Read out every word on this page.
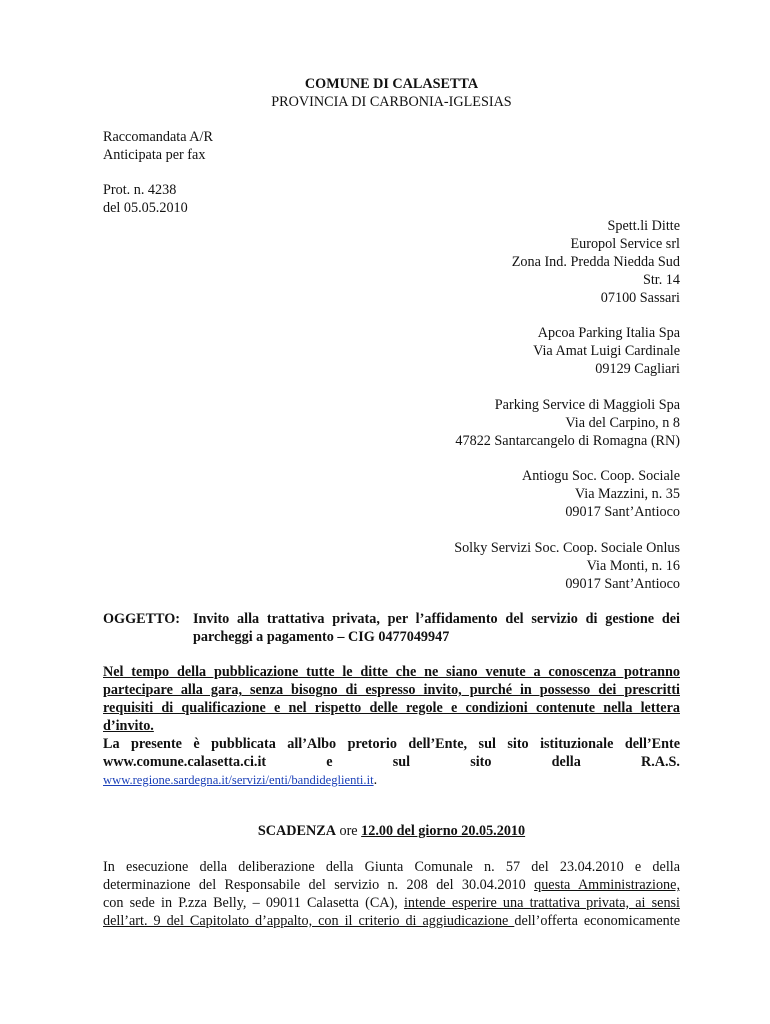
COMUNE DI CALASETTA
PROVINCIA DI CARBONIA-IGLESIAS
Raccomandata A/R
Anticipata per fax
Prot. n. 4238
del 05.05.2010
Spett.li Ditte
Europol Service srl
Zona Ind. Predda Niedda Sud
Str. 14
07100 Sassari
Apcoa Parking Italia Spa
Via Amat Luigi Cardinale
09129 Cagliari
Parking Service di Maggioli Spa
Via del Carpino, n 8
47822 Santarcangelo di Romagna (RN)
Antiogu Soc. Coop. Sociale
Via Mazzini, n. 35
09017 Sant’Antioco
Solky Servizi Soc. Coop. Sociale Onlus
Via Monti, n. 16
09017 Sant’Antioco
OGGETTO: Invito alla trattativa privata, per l’affidamento del servizio di gestione dei
parcheggi a pagamento – CIG 0477049947
Nel tempo della pubblicazione tutte le ditte che ne siano venute a conoscenza potranno
partecipare alla gara, senza bisogno di espresso invito, purché in possesso dei prescritti
requisiti di qualificazione e nel rispetto delle regole e condizioni contenute nella lettera
d’invito.
La presente è pubblicata all’Albo pretorio dell’Ente, sul sito istituzionale dell’Ente
www.comune.calasetta.ci.it	e	sul	sito	della	R.A.S.
www.regione.sardegna.it/servizi/enti/bandideglienti.it.
SCADENZA ore 12.00 del giorno 20.05.2010
In esecuzione della deliberazione della Giunta Comunale n. 57 del 23.04.2010 e della
determinazione del Responsabile del servizio n. 208 del 30.04.2010 questa Amministrazione,
con sede in P.zza Belly, – 09011 Calasetta (CA), intende esperire una trattativa privata, ai sensi
dell’art. 9 del Capitolato d’appalto, con il criterio di aggiudicazione dell’offerta economicamente
